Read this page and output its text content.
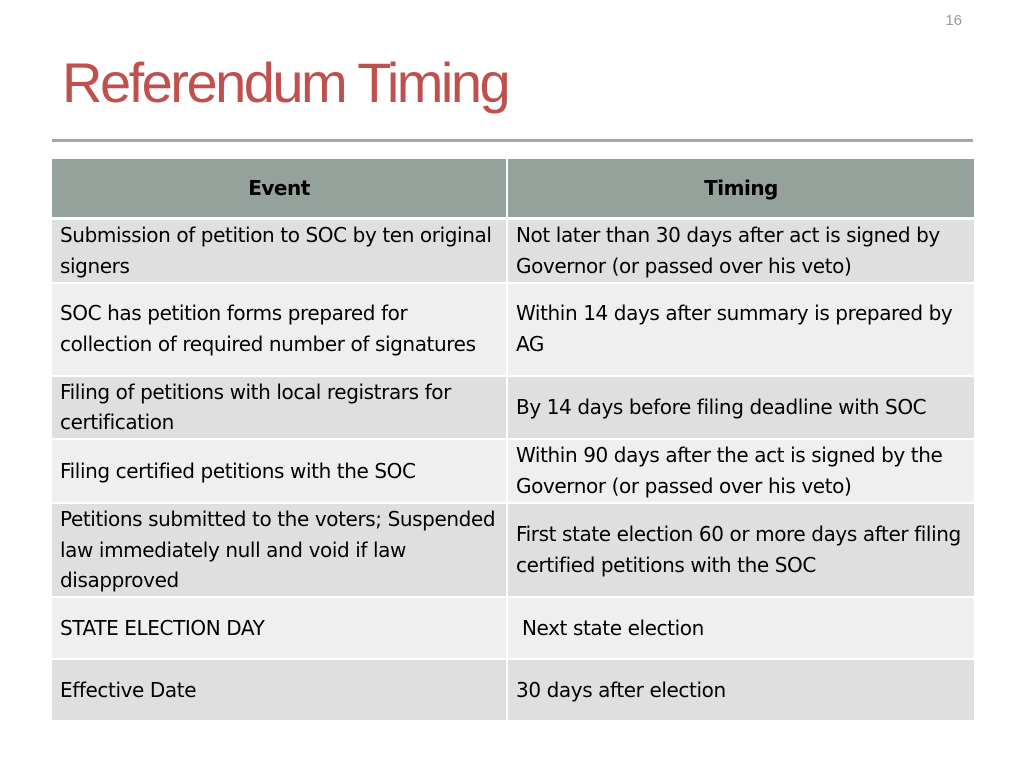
16
Referendum Timing
Event	Timing
Submission of petition to SOC by ten original signers	Not later than 30 days after act is signed by Governor (or passed over his veto)
SOC has petition forms prepared for collection of required number of signatures	Within 14 days after summary is prepared by AG
Filing of petitions with local registrars for certification	By 14 days before filing deadline with SOC
Filing certified petitions with the SOC	Within 90 days after the act is signed by the Governor (or passed over his veto)
Petitions submitted to the voters; Suspended law immediately null and void if law disapproved	First state election 60 or more days after filing certified petitions with the SOC
STATE ELECTION DAY	Next state election
Effective Date	30 days after election
